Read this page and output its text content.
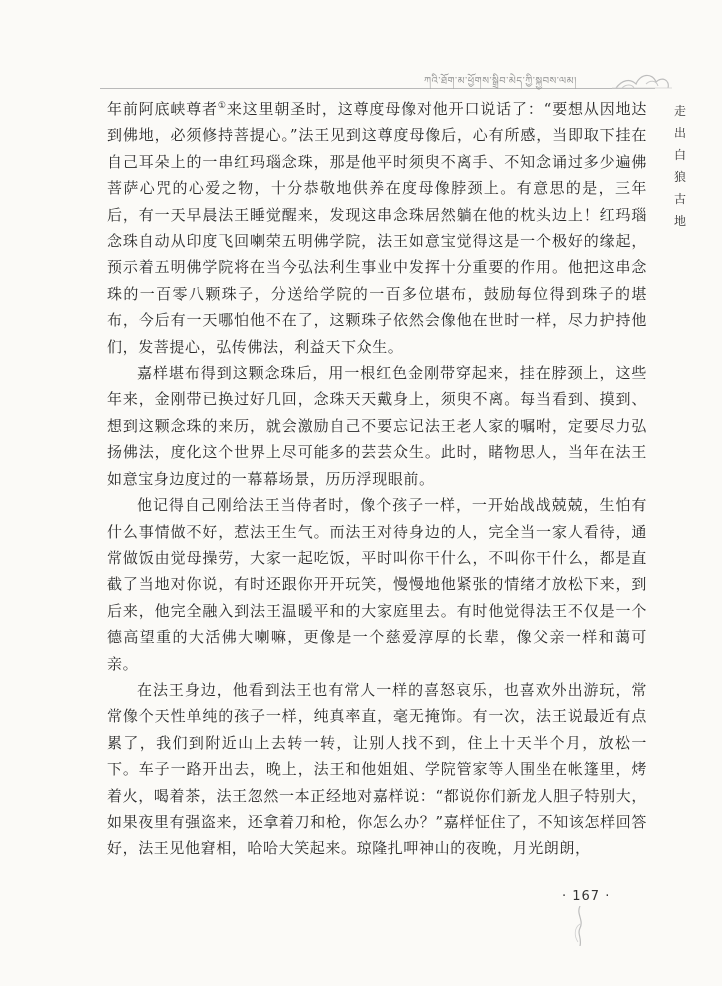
ཀའི་ཐོག་མ་ཕྱོགས་སྒྲིབ་མེད་ཀྱི་སྐྱབས་ལམ།
走
出
白
狼
古
地

年前阿底峡尊者①来这里朝圣时，这尊度母像对他开口说话了：“要想从因地达到佛地，必须修持菩提心。”法王见到这尊度母像后，心有所感，当即取下挂在自己耳朵上的一串红玛瑙念珠，那是他平时须臾不离手、不知念诵过多少遍佛菩萨心咒的心爱之物，十分恭敬地供养在度母像脖颈上。有意思的是，三年后，有一天早晨法王睡觉醒来，发现这串念珠居然躺在他的枕头边上！红玛瑙念珠自动从印度飞回喇荣五明佛学院，法王如意宝觉得这是一个极好的缘起，预示着五明佛学院将在当今弘法利生事业中发挥十分重要的作用。他把这串念珠的一百零八颗珠子，分送给学院的一百多位堪布，鼓励每位得到珠子的堪布，今后有一天哪怕他不在了，这颗珠子依然会像他在世时一样，尽力护持他们，发菩提心，弘传佛法，利益天下众生。

嘉样堪布得到这颗念珠后，用一根红色金刚带穿起来，挂在脖颈上，这些年来，金刚带已换过好几回，念珠天天戴身上，须臾不离。每当看到、摸到、想到这颗念珠的来历，就会激励自己不要忘记法王老人家的嘱咐，定要尽力弘扬佛法，度化这个世界上尽可能多的芸芸众生。此时，睹物思人，当年在法王如意宝身边度过的一幕幕场景，历历浮现眼前。

他记得自己刚给法王当侍者时，像个孩子一样，一开始战战兢兢，生怕有什么事情做不好，惹法王生气。而法王对待身边的人，完全当一家人看待，通常做饭由觉母操劳，大家一起吃饭，平时叫你干什么，不叫你干什么，都是直截了当地对你说，有时还跟你开开玩笑，慢慢地他紧张的情绪才放松下来，到后来，他完全融入到法王温暖平和的大家庭里去。有时他觉得法王不仅是一个德高望重的大活佛大喇嘛，更像是一个慈爱淳厚的长辈，像父亲一样和蔼可亲。

在法王身边，他看到法王也有常人一样的喜怒哀乐，也喜欢外出游玩，常常像个天性单纯的孩子一样，纯真率直，毫无掩饰。有一次，法王说最近有点累了，我们到附近山上去转一转，让别人找不到，住上十天半个月，放松一下。车子一路开出去，晚上，法王和他姐姐、学院管家等人围坐在帐篷里，烤着火，喝着茶，法王忽然一本正经地对嘉样说：“都说你们新龙人胆子特别大，如果夜里有强盗来，还拿着刀和枪，你怎么办？”嘉样怔住了，不知该怎样回答好，法王见他窘相，哈哈大笑起来。琼隆扎呷神山的夜晚，月光朗朗，

· 167 ·
